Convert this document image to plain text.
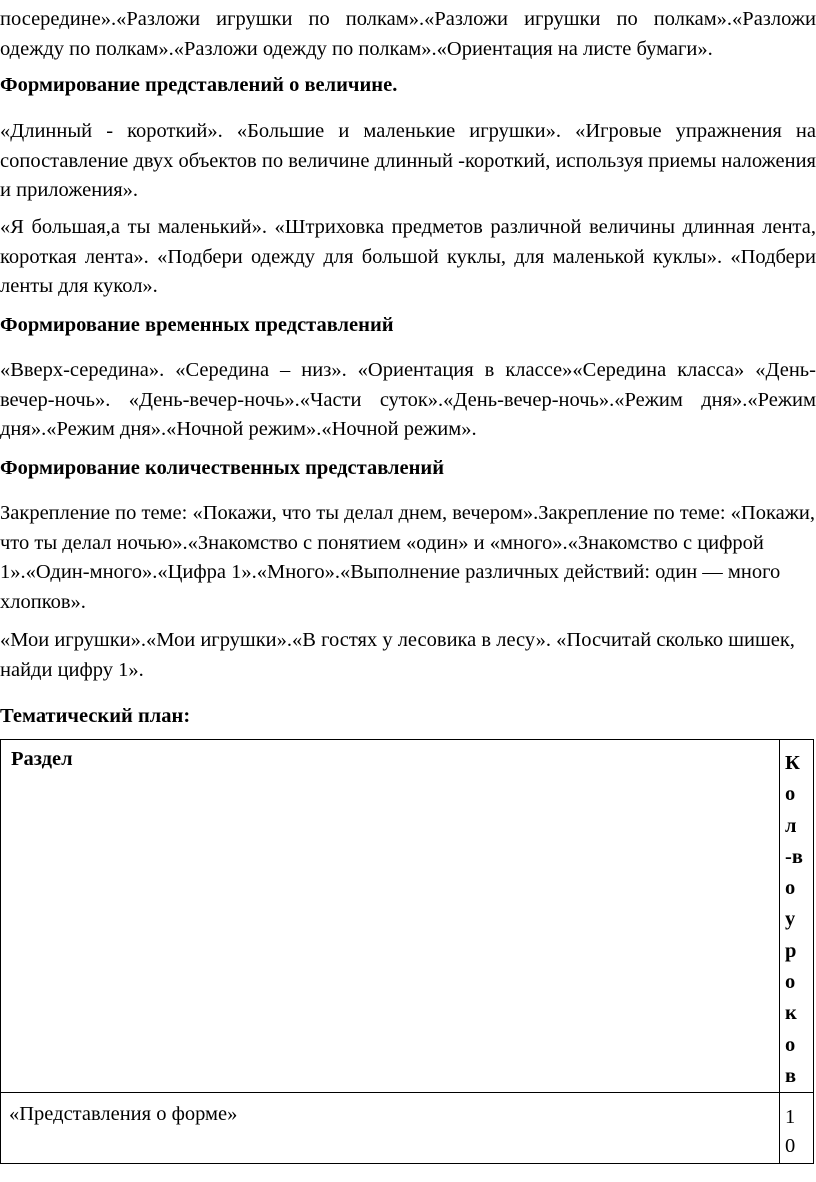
посередине».«Разложи игрушки по полкам».«Разложи игрушки по полкам».«Разложи одежду по полкам».«Разложи одежду по полкам».«Ориентация на листе бумаги».

Формирование представлений о величине.

«Длинный - короткий». «Большие и маленькие игрушки». «Игровые упражнения на сопоставление двух объектов по величине длинный -короткий, используя приемы наложения и приложения».

«Я большая,а ты маленький». «Штриховка предметов различной величины длинная лента, короткая лента». «Подбери одежду для большой куклы, для маленькой куклы». «Подбери ленты для кукол».

Формирование временных представлений

«Вверх-середина». «Середина – низ». «Ориентация в классе»«Середина класса» «День-вечер-ночь». «День-вечер-ночь».«Части суток».«День-вечер-ночь».«Режим дня».«Режим дня».«Режим дня».«Ночной режим».«Ночной режим».

Формирование количественных представлений

Закрепление по теме: «Покажи, что ты делал днем, вечером».Закрепление по теме: «Покажи, что ты делал ночью».«Знакомство с понятием «один» и «много».«Знакомство с цифрой 1».«Один-много».«Цифра 1».«Много».«Выполнение различных действий: один — много хлопков».

«Мои игрушки».«Мои игрушки».«В гостях у лесовика в лесу». «Посчитай сколько шишек, найди цифру 1».

Тематический план:

Раздел	Кол-воуроков

«Представления о форме»	10
